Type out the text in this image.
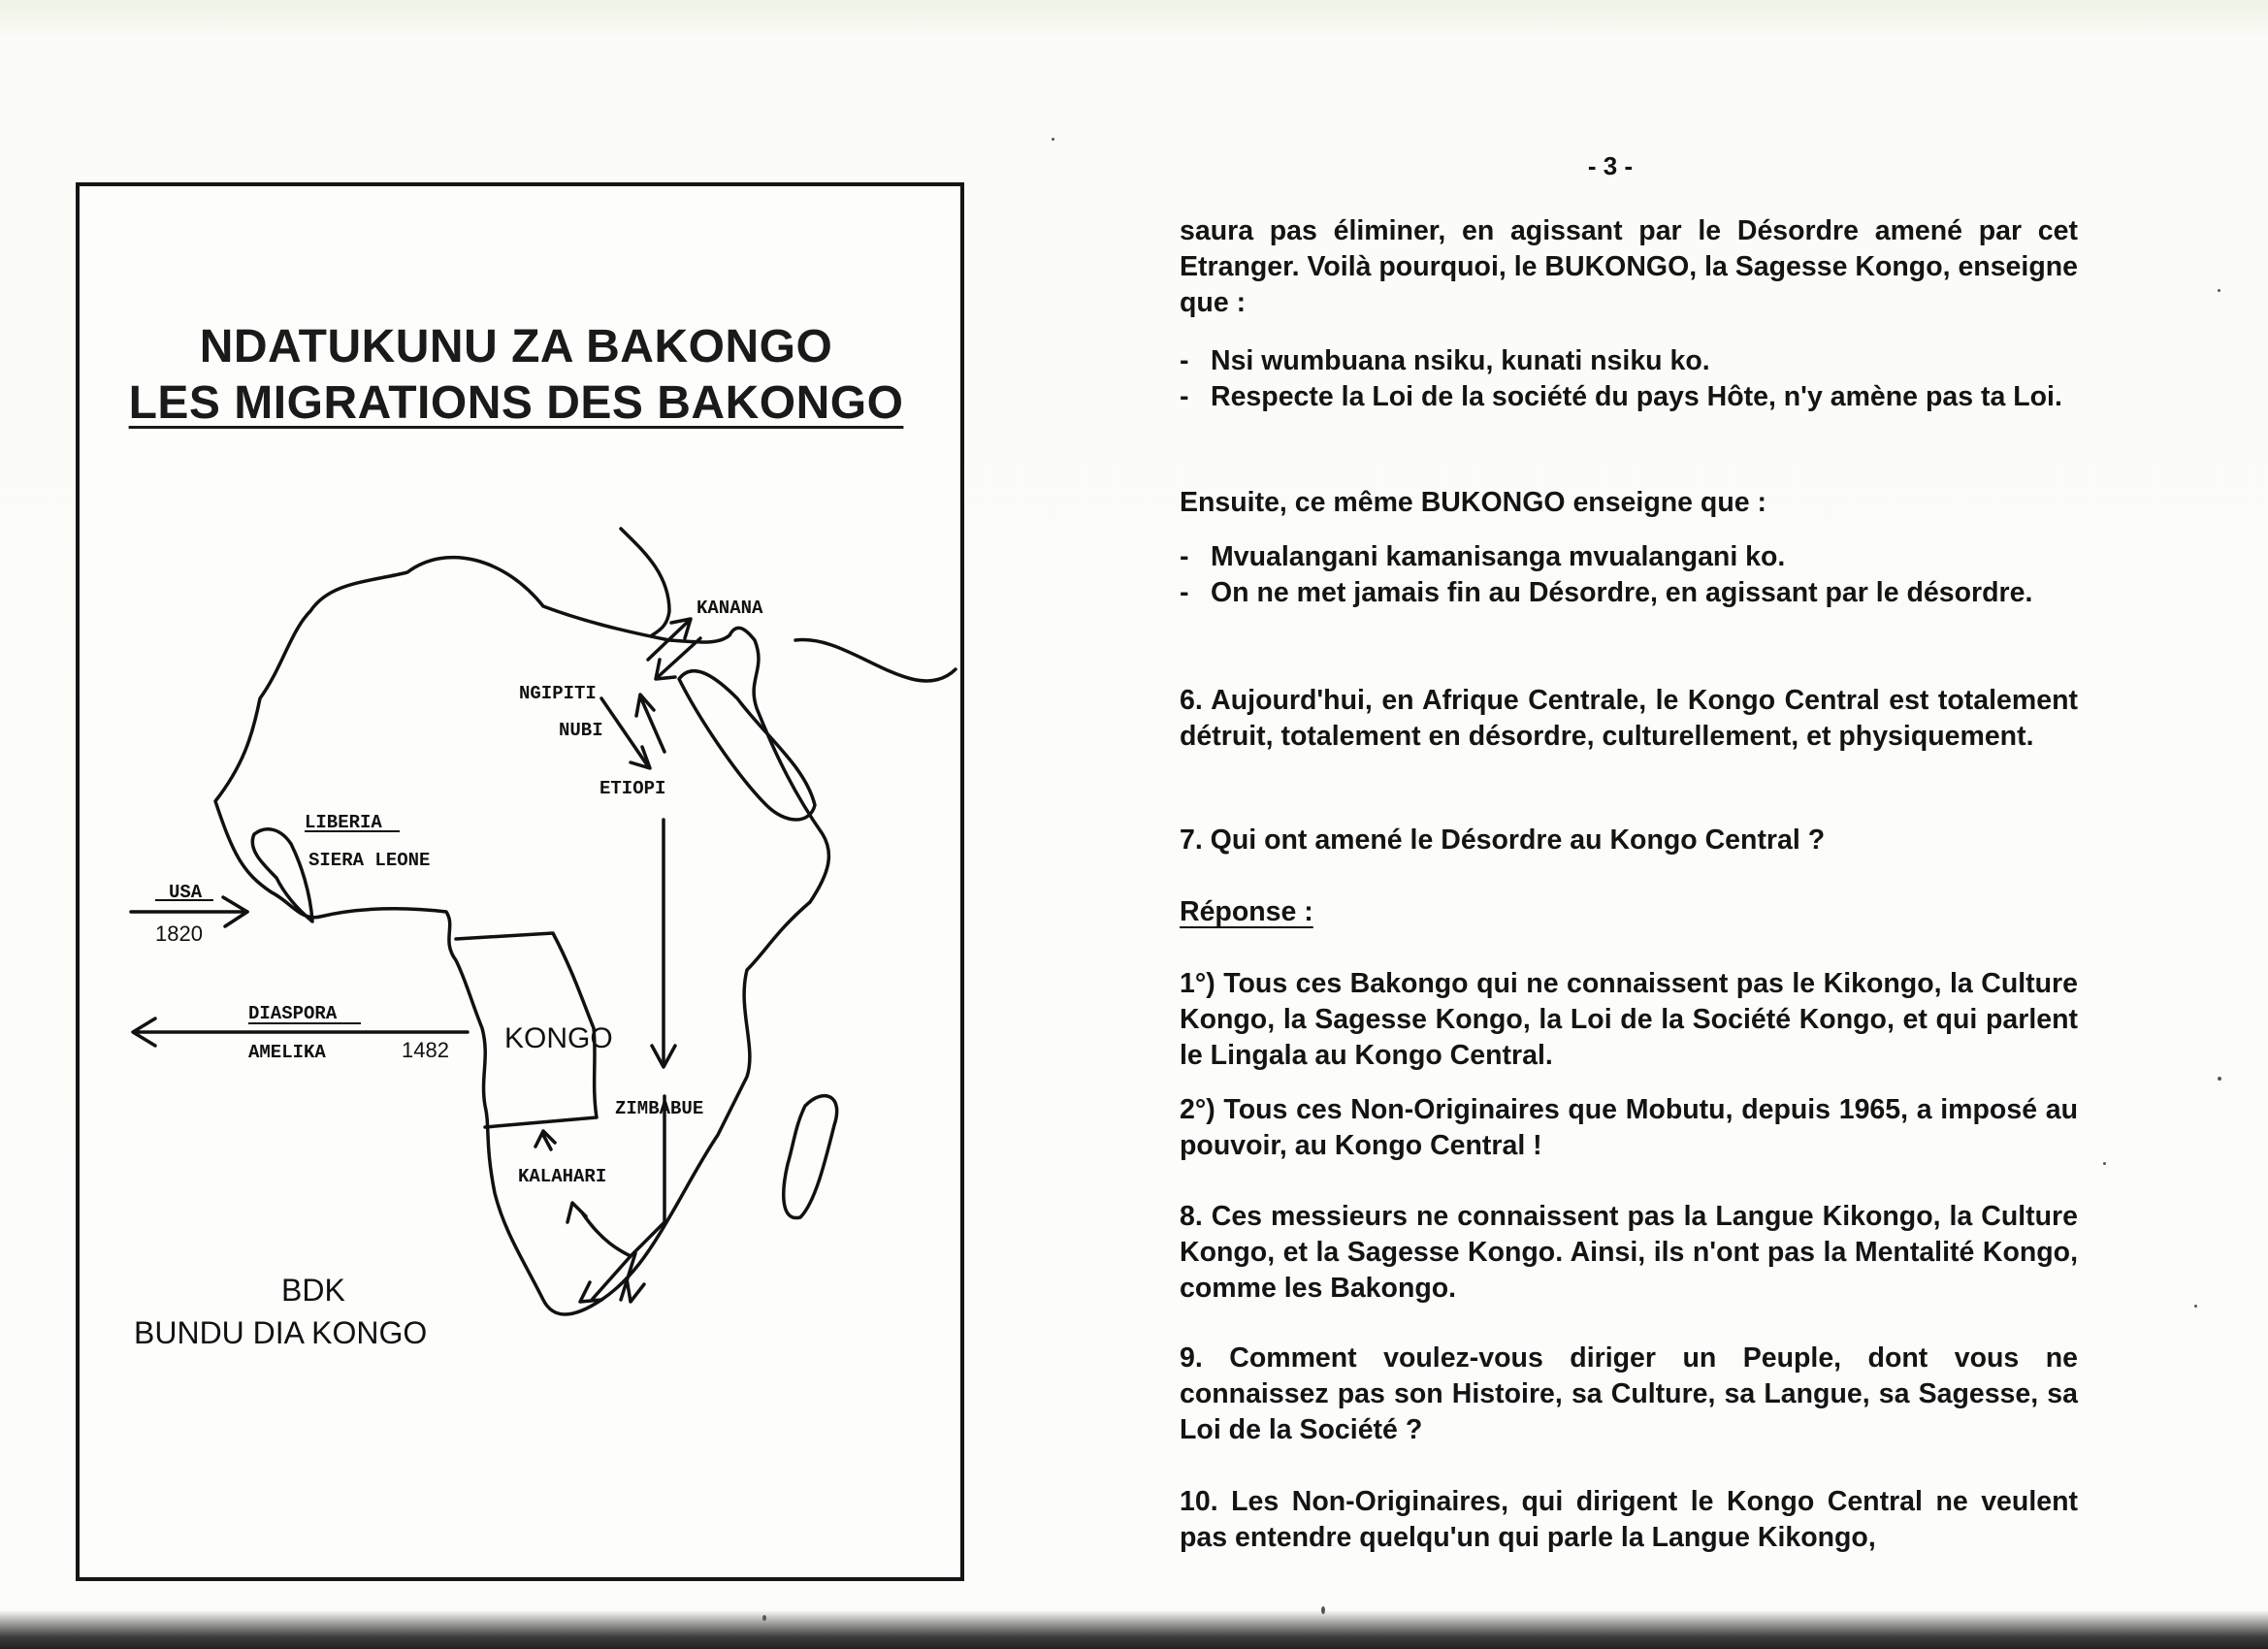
NDATUKUNU ZA BAKONGO
LES MIGRATIONS DES BAKONGO
KANANA
NGIPITI
NUBI
ETIOPI
LIBERIA
SIERA LEONE
USA
1820
DIASPORA
AMELIKA	1482 KONGO
ZIMBABUE
KALAHARI
BDK
BUNDU DIA KONGO
- 3 -
saura pas éliminer, en agissant par le Désordre amené par cet Etranger. Voilà pourquoi, le BUKONGO, la Sagesse Kongo, enseigne que :
- Nsi wumbuana nsiku, kunati nsiku ko.
- Respecte la Loi de la société du pays Hôte, n'y amène pas ta Loi.
Ensuite, ce même BUKONGO enseigne que :
- Mvualangani kamanisanga mvualangani ko.
- On ne met jamais fin au Désordre, en agissant par le désordre.
6. Aujourd'hui, en Afrique Centrale, le Kongo Central est totalement détruit, totalement en désordre, culturellement, et physiquement.
7. Qui ont amené le Désordre au Kongo Central ?
Réponse :
1°) Tous ces Bakongo qui ne connaissent pas le Kikongo, la Culture Kongo, la Sagesse Kongo, la Loi de la Société Kongo, et qui parlent le Lingala au Kongo Central.
2°) Tous ces Non-Originaires que Mobutu, depuis 1965, a imposé au pouvoir, au Kongo Central !
8. Ces messieurs ne connaissent pas la Langue Kikongo, la Culture Kongo, et la Sagesse Kongo. Ainsi, ils n'ont pas la Mentalité Kongo, comme les Bakongo.
9. Comment voulez-vous diriger un Peuple, dont vous ne connaissez pas son Histoire, sa Culture, sa Langue, sa Sagesse, sa Loi de la Société ?
10. Les Non-Originaires, qui dirigent le Kongo Central ne veulent pas entendre quelqu'un qui parle la Langue Kikongo,
